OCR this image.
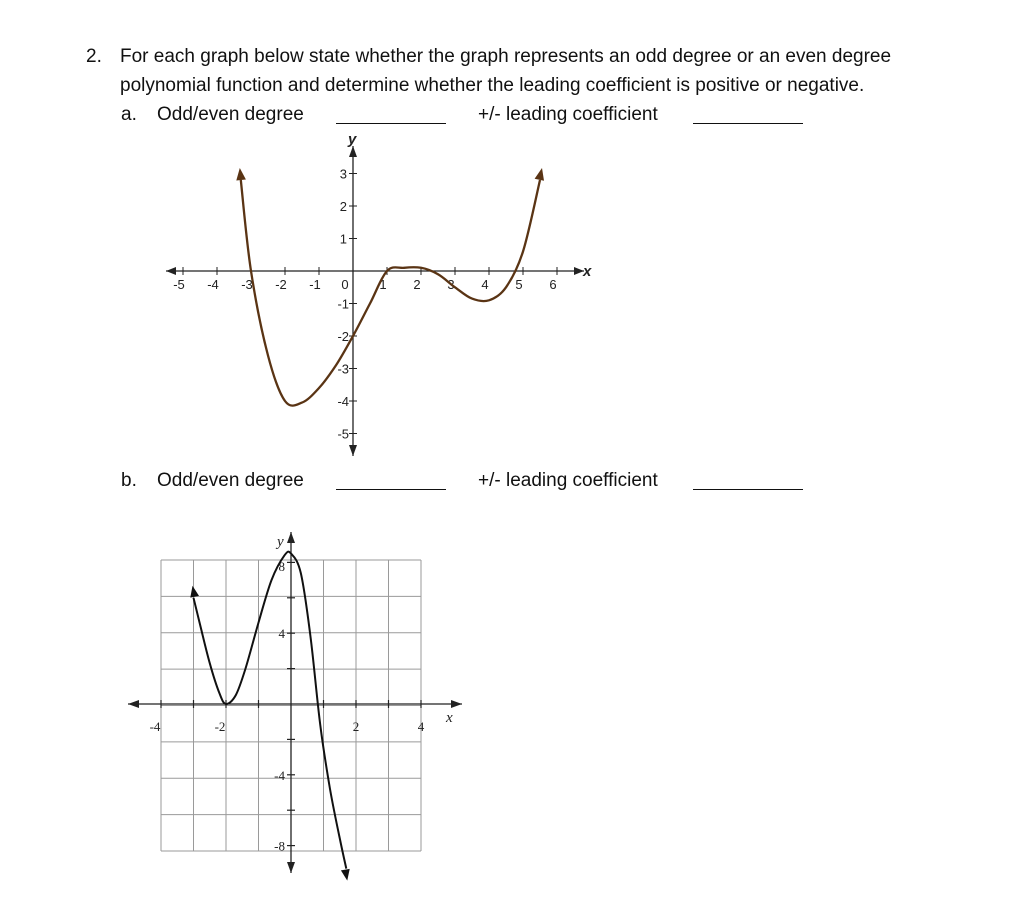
2. For each graph below state whether the graph represents an odd degree or an even degree
polynomial function and determine whether the leading coefficient is positive or negative.
a. Odd/even degree	+/- leading coefficient
b. Odd/even degree	+/- leading coefficient
y
x
-5 -4 -3 -2 -1 0 1 2 3 4 5 6
3
2
1
-1
-2
-3
-4
-5
y
x
-4	-2	2	4
8
4
-4
-8
